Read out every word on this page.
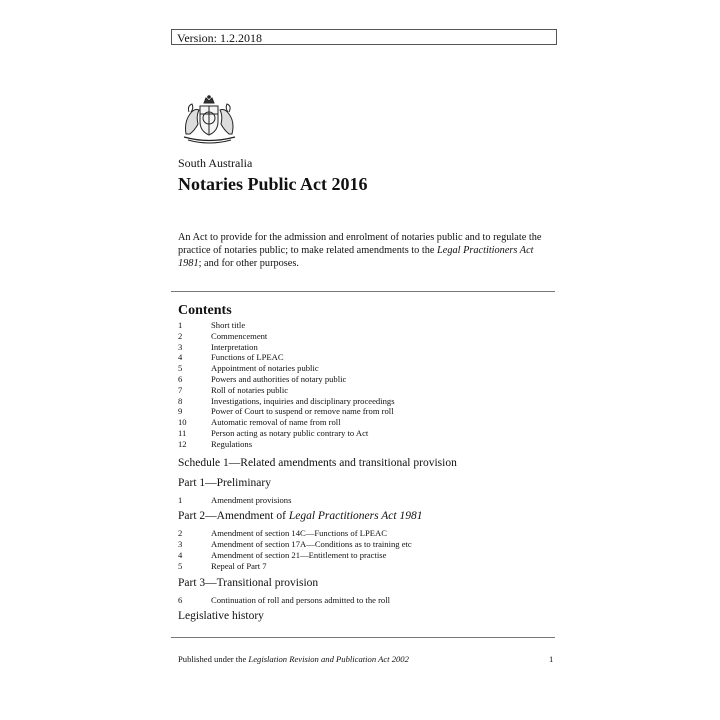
Version: 1.2.2018
South Australia
Notaries Public Act 2016
An Act to provide for the admission and enrolment of notaries public and to regulate the practice of notaries public; to make related amendments to the Legal Practitioners Act 1981; and for other purposes.
Contents
1	Short title
2	Commencement
3	Interpretation
4	Functions of LPEAC
5	Appointment of notaries public
6	Powers and authorities of notary public
7	Roll of notaries public
8	Investigations, inquiries and disciplinary proceedings
9	Power of Court to suspend or remove name from roll
10	Automatic removal of name from roll
11	Person acting as notary public contrary to Act
12	Regulations
Schedule 1—Related amendments and transitional provision
Part 1—Preliminary
1	Amendment provisions
Part 2—Amendment of Legal Practitioners Act 1981
2	Amendment of section 14C—Functions of LPEAC
3	Amendment of section 17A—Conditions as to training etc
4	Amendment of section 21—Entitlement to practise
5	Repeal of Part 7
Part 3—Transitional provision
6	Continuation of roll and persons admitted to the roll
Legislative history
Published under the Legislation Revision and Publication Act 2002	1
